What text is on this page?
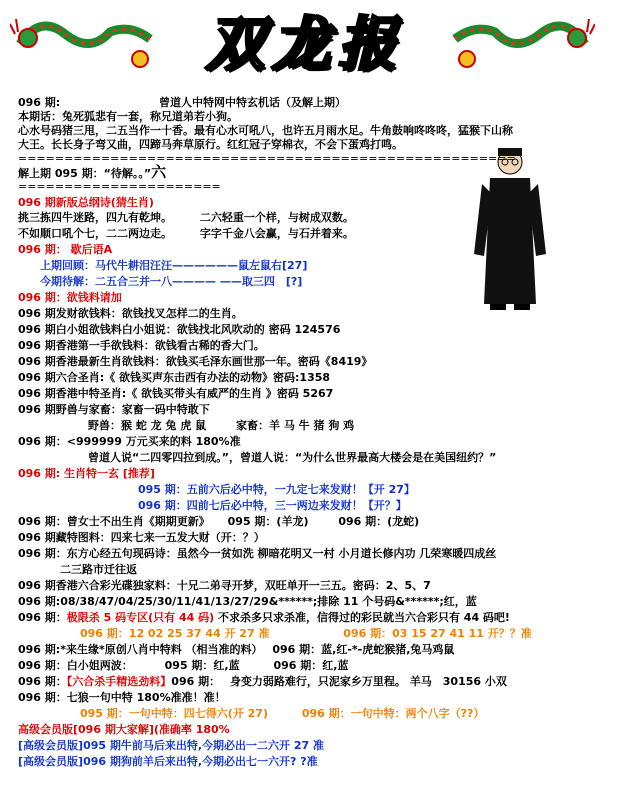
双龙报
096 期:	曾道人中特网中特玄机话（及解上期）
本期话：兔死狐悲有一套，称兄道弟若小狗。
心水号码猪三甩，二五当作一十香。最有心水可吼八，也许五月雨水足。牛角鼓响咚咚咚，猛猴下山称
大王。长长身子弯又曲，四蹄马奔草原行。红红冠子穿棉衣，不会下蛋鸡打鸣。
======================================================
解上期 095 期：“待解。。”六
======================
096 期新版总纲诗(猜生肖)
挑三拣四牛迷路，四九有乾坤。	二六轻重一个样，与树成双数。
不如顺口吼个七，二二两边走。	字字千金八会赢，与石并着来。
096 期： 歇后语A
上期回顾：马代牛耕泪汪汪——————鼠左鼠右[27]
今期待解：二五合三并一八———— ——取三四　[?]
096 期：欲钱料请加
096 期发财欲钱料：欲钱找叉怎样二的生肖。
096 期白小姐欲钱料白小姐说：欲钱找北风吹动的 密码 124576
096 期香港第一手欲钱料：欲钱看古稀的香大门。
096 期香港最新生肖欲钱料：欲钱买毛泽东画世那一年。密码《8419》
096 期六合圣肖:《 欲钱买声东击西有办法的动物》密码:1358
096 期香港中特圣肖:《 欲钱买带头有威严的生肖 》密码 5267
096 期野兽与家畜：家畜一码中特敢下
野兽：猴 蛇 龙 兔 虎 鼠	家畜：羊 马 牛 猪 狗 鸡
096 期：<999999 万元买来的料 180%准
曾道人说“二四零四拉到成。”，曾道人说：“为什么世界最高大楼会是在美国纽约？”
096 期: 生肖特一玄 [推荐]
095 期：五前六后必中特，一九定七来发财！【开 27】
096 期：四前七后必中特，三一两边来发财！【开？】
096 期：曾女士不出生肖《期期更新》 095 期：(羊龙)	096 期：(龙蛇)
096 期藏特图料：四来七来一五发大财（开：？）
096 期：东方心经五句现码诗：虽然今一贫如洗 柳暗花明又一村 小月道长修内功 几荣寒暖四成丝
二三路市迁往返
096 期香港六合彩光碟独家料：十兄二弟寻开梦，双旺单开一三五。密码：2、5、7
096 期:08/38/47/04/25/30/11/41/13/27/29&******;排除 11 个号码&******;红，蓝
096 期：极限杀 5 码专区(只有 44 码) 不求杀多只求杀准，信得过的彩民就当六合彩只有 44 码吧!
096 期：12 02 25 37 44 开 27 准	096 期：03 15 27 41 11 开？？准
096 期:*来生缘*原创八肖中特料 （相当准的料） 096 期：蓝,红-*-虎蛇猴猪,兔马鸡鼠
096 期：白小姐两波：	095 期：红,蓝	096 期：红,蓝
096 期：【六合杀手精选劲料】096 期： 身变力弱路难行，只泥家乡万里程。 羊马　30156 小双
096 期：七狼一句中特 180%准准！准！
095 期：一句中特：四七得六(开 27)	096 期：一句中特：两个八字（??）
高级会员版[096 期大家解](准确率 180%
[高级会员版]095 期牛前马后来出特,今期必出一二六开 27 准
[高级会员版]096 期狗前羊后来出特,今期必出七一六开? ?准
